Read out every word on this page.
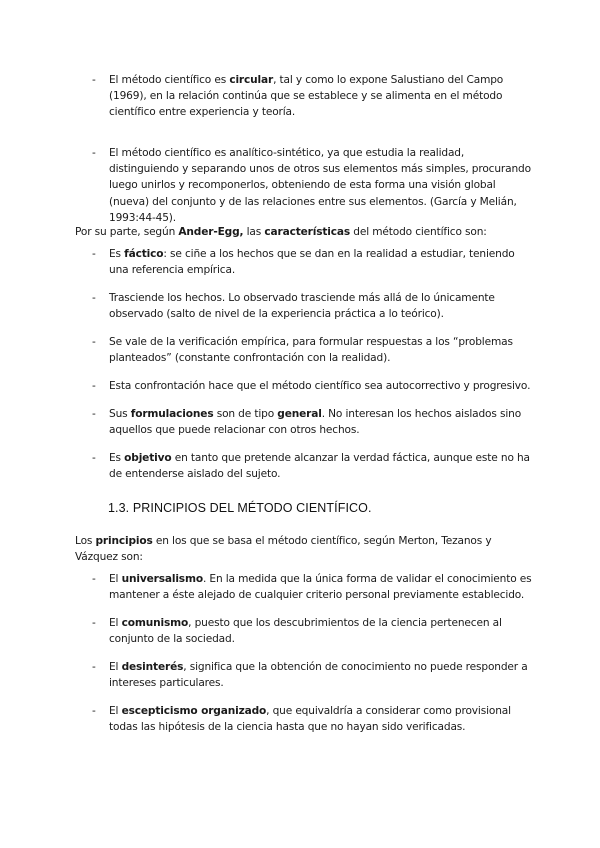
- El método científico es circular, tal y como lo expone Salustiano del Campo (1969), en la relación continúa que se establece y se alimenta en el método científico entre experiencia y teoría.
- El método científico es analítico-sintético, ya que estudia la realidad, distinguiendo y separando unos de otros sus elementos más simples, procurando luego unirlos y recomponerlos, obteniendo de esta forma una visión global (nueva) del conjunto y de las relaciones entre sus elementos. (García y Melián, 1993:44-45).
Por su parte, según Ander-Egg, las características del método científico son:
- Es fáctico: se ciñe a los hechos que se dan en la realidad a estudiar, teniendo una referencia empírica.
- Trasciende los hechos. Lo observado trasciende más allá de lo únicamente observado (salto de nivel de la experiencia práctica a lo teórico).
- Se vale de la verificación empírica, para formular respuestas a los “problemas planteados” (constante confrontación con la realidad).
- Esta confrontación hace que el método científico sea autocorrectivo y progresivo.
- Sus formulaciones son de tipo general. No interesan los hechos aislados sino aquellos que puede relacionar con otros hechos.
- Es objetivo en tanto que pretende alcanzar la verdad fáctica, aunque este no ha de entenderse aislado del sujeto.
1.3. PRINCIPIOS DEL MÉTODO CIENTÍFICO.
Los principios en los que se basa el método científico, según Merton, Tezanos y Vázquez son:
- El universalismo. En la medida que la única forma de validar el conocimiento es mantener a éste alejado de cualquier criterio personal previamente establecido.
- El comunismo, puesto que los descubrimientos de la ciencia pertenecen al conjunto de la sociedad.
- El desinterés, significa que la obtención de conocimiento no puede responder a intereses particulares.
- El escepticismo organizado, que equivaldría a considerar como provisional todas las hipótesis de la ciencia hasta que no hayan sido verificadas.
